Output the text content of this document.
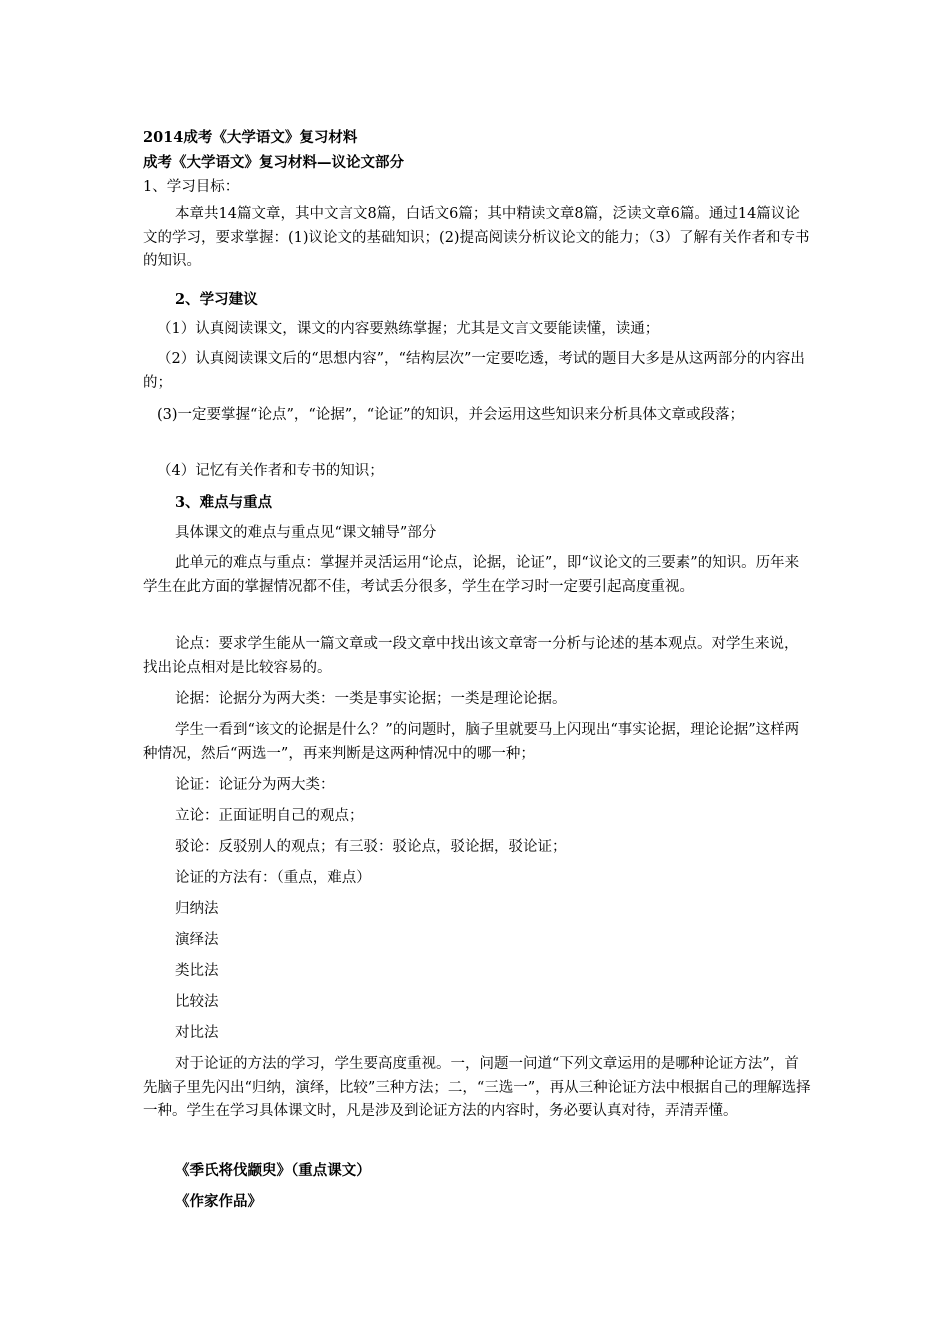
2014成考《大学语文》复习材料

成考《大学语文》复习材料—议论文部分

1、学习目标：

本章共14篇文章，其中文言文8篇，白话文6篇；其中精读文章8篇，泛读文章6篇。通过14篇议论文的学习，要求掌握：(1)议论文的基础知识；(2)提高阅读分析议论文的能力；（3）了解有关作者和专书的知识。

2、学习建议

（1）认真阅读课文，课文的内容要熟练掌握；尤其是文言文要能读懂，读通；

（2）认真阅读课文后的“思想内容”，“结构层次”一定要吃透，考试的题目大多是从这两部分的内容出的；

(3)一定要掌握“论点”，“论据”，“论证”的知识，并会运用这些知识来分析具体文章或段落；

（4）记忆有关作者和专书的知识；

3、难点与重点

具体课文的难点与重点见“课文辅导”部分

此单元的难点与重点：掌握并灵活运用“论点，论据，论证”，即“议论文的三要素”的知识。历年来学生在此方面的掌握情况都不佳，考试丢分很多，学生在学习时一定要引起高度重视。

论点：要求学生能从一篇文章或一段文章中找出该文章寄一分析与论述的基本观点。对学生来说，找出论点相对是比较容易的。

论据：论据分为两大类：一类是事实论据；一类是理论论据。

学生一看到“该文的论据是什么？”的问题时，脑子里就要马上闪现出“事实论据，理论论据”这样两种情况，然后“两选一”，再来判断是这两种情况中的哪一种；

论证：论证分为两大类：

立论：正面证明自己的观点；

驳论：反驳别人的观点；有三驳：驳论点，驳论据，驳论证；

论证的方法有：（重点，难点）

归纳法

演绎法

类比法

比较法

对比法

对于论证的方法的学习，学生要高度重视。一，问题一问道“下列文章运用的是哪种论证方法”，首先脑子里先闪出“归纳，演绎，比较”三种方法；二，“三选一”，再从三种论证方法中根据自己的理解选择一种。学生在学习具体课文时，凡是涉及到论证方法的内容时，务必要认真对待，弄清弄懂。

《季氏将伐颛臾》（重点课文）

《作家作品》
